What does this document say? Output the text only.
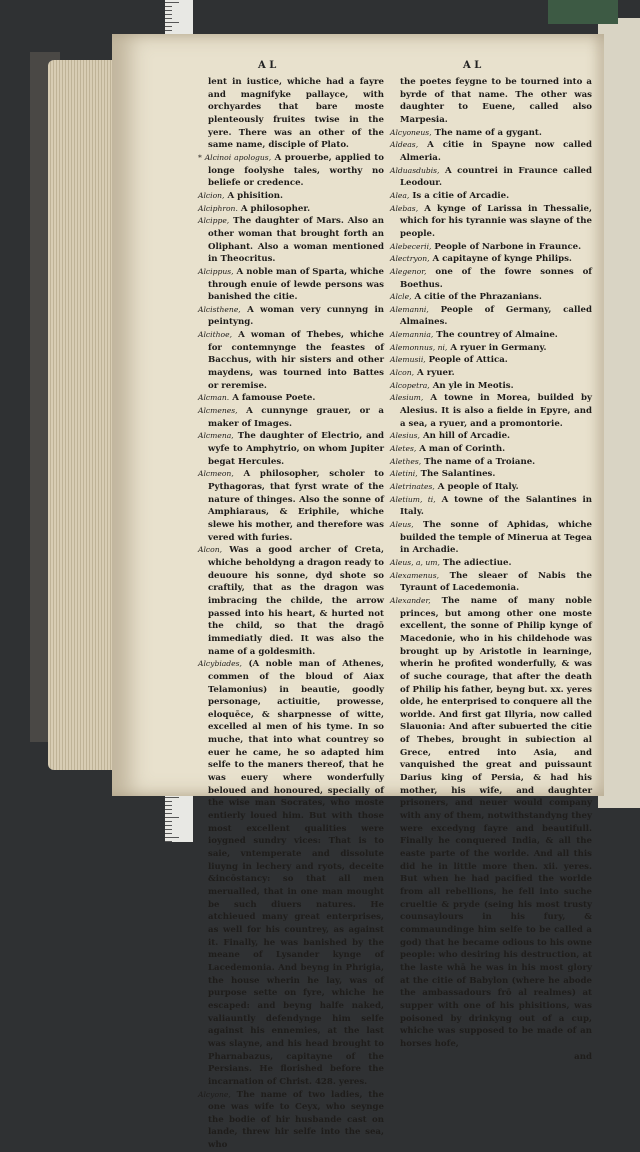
A L	A L

lent in iustice, whiche had a fayre and magnifyke pallayce, with orchyardes that bare moste plenteously fruites twise in the yere. There was an other of the same name, disciple of Plato.

* Alcinoi apologus, A prouerbe, applied to longe foolyshe tales, worthy no beliefe or credence.

Alcion, A phisition.

Alciphron. A philosopher.

Alcippe, The daughter of Mars. Also an other woman that brought forth an Oliphant. Also a woman mentioned in Theocritus.

Alcippus, A noble man of Sparta, whiche through enuie of lewde persons was banished the citie.

Alcisthene, A woman very cunnyng in peintyng.

Alcithoe, A woman of Thebes, whiche for contemnynge the feastes of Bacchus, with hir sisters and other maydens, was tourned into Battes or reremise.

Alcman. A famouse Poete.

Alcmenes, A cunnynge grauer, or a maker of Images.

Alcmena, The daughter of Electrio, and wyfe to Amphytrio, on whom Jupiter begat Hercules.

Alcmeon, A philosopher, scholer to Pythagoras, that fyrst wrate of the nature of thinges. Also the sonne of Amphiaraus, & Eriphile, whiche slewe his mother, and therefore was vered with furies.

Alcon, Was a good archer of Creta, whiche beholdyng a dragon ready to deuoure his sonne, dyd shote so craftily, that as the dragon was imbracing the childe, the arrow passed into his heart, & hurted not the child, so that the dragō immediatly died. It was also the name of a goldesmith.

Alcybiades, (A noble man of Athenes, commen of the bloud of Aiax Telamonius) in beautie, goodly personage, actiuitie, prowesse, eloquēce, & sharpnesse of witte, excelled al men of his tyme. In so muche, that into what countrey so euer he came, he so adapted him selfe to the maners thereof, that he was euery where wonderfully beloued and honoured, specially of the wise man Socrates, who moste entierly loued him. But with those most excellent qualities were ioygned sundry vices: That is to saie, vntemperate and dissolute liuyng in lechery and ryots, deceite &incōstancy: so that all men merualled, that in one man mought be such diuers natures. He atchieued many great enterprises, as well for his countrey, as against it. Finally, he was banished by the meane of Lysander kynge of Lacedemonia. And beyng in Phrigia, the house wherin he lay, was of purpose sette on fyre, whiche he escaped: and beyng halfe naked, valiauntly defendynge him selfe against his ennemies, at the last was slayne, and his head brought to Pharnabazus, capitayne of the Persians. He florished before the incarnation of Christ. 428. yeres.

Alcyone, The name of two ladies, the one was wife to Ceyx, who seynge the bodie of hir husbande cast on lande, threw hir selfe into the sea, who

the poetes feygne to be tourned into a byrde of that name. The other was daughter to Euene, called also Marpesia.

Alcyoneus, The name of a gygant.

Aldeas, A citie in Spayne now called Almeria.

Alduasdubis, A countrei in Fraunce called Leodour.

Alea, Is a citie of Arcadie.

Alebas, A kynge of Larissa in Thessalie, which for his tyrannie was slayne of the people.

Alebecerii, People of Narbone in Fraunce.

Alectryon, A capitayne of kynge Philips.

Alegenor, one of the fowre sonnes of Boethus.

Alcle, A citie of the Phrazanians.

Alemanni, People of Germany, called Almaines.

Alemannia, The countrey of Almaine.

Alemonnus, ni, A ryuer in Germany.

Alemusii, People of Attica.

Alcon, A ryuer.

Alcopetra, An yle in Meotis.

Alesium, A towne in Morea, builded by Alesius. It is also a fielde in Epyre, and a sea, a ryuer, and a promontorie.

Alesius, An hill of Arcadie.

Aletes, A man of Corinth.

Alethes, The name of a Troiane.

Aletini, The Salantines.

Aletrinates, A people of Italy.

Aletium, ti, A towne of the Salantines in Italy.

Aleus, The sonne of Aphidas, whiche builded the temple of Minerua at Tegea in Archadie.

Aleus, a, um, The adiectiue.

Alexamenus, The sleaer of Nabis the Tyraunt of Lacedemonia.

Alexander, The name of many noble princes, but among other one moste excellent, the sonne of Philip kynge of Macedonie, who in his childehode was brought up by Aristotle in learninge, wherin he profited wonderfully, & was of suche courage, that after the death of Philip his father, beyng but. xx. yeres olde, he enterprised to conquere all the worlde. And first gat Illyria, now called Slauonia: And after subuerted the citie of Thebes, brought in subiection al Grece, entred into Asia, and vanquished the great and puissaunt Darius king of Persia, & had his mother, his wife, and daughter prisoners, and neuer would company with any of them, notwithstandyng they were excedyng fayre and beautifull. Finally he conquered India, & all the easte parte of the worlde. And all this did he in little more then. xii. yeres. But when he had pacified the worlde from all rebellions, he fell into suche crueltie & pryde (seing his most trusty counsaylours in his fury, & commaundinge him selfe to be called a god) that he became odious to his owne people: who desiring his destruction, at the laste whā he was in his most glory at the citie of Babylon (where he abode the ambassadours frō al realmes) at supper with one of his phisitions, was poisoned by drinkyng out of a cup, whiche was supposed to be made of an horses hofe,

and
